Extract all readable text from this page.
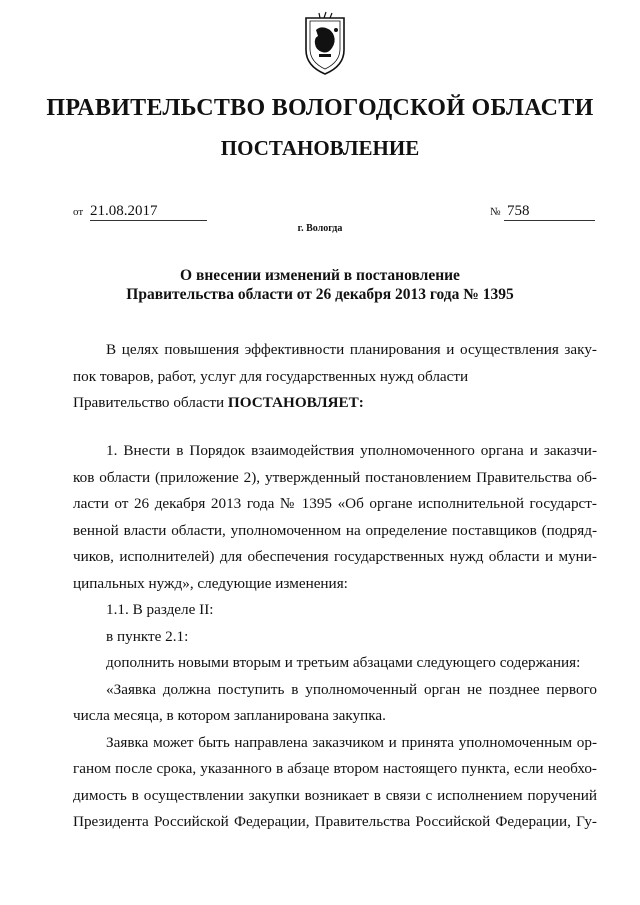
ПРАВИТЕЛЬСТВО ВОЛОГОДСКОЙ ОБЛАСТИ
ПОСТАНОВЛЕНИЕ
от 21.08.2017	№ 758
г. Вологда
О внесении изменений в постановление
Правительства области от 26 декабря 2013 года № 1395
В целях повышения эффективности планирования и осуществления заку-
пок товаров, работ, услуг для государственных нужд области
Правительство области ПОСТАНОВЛЯЕТ:
1. Внести в Порядок взаимодействия уполномоченного органа и заказчи-
ков области (приложение 2), утвержденный постановлением Правительства об-
ласти от 26 декабря 2013 года № 1395 «Об органе исполнительной государст-
венной власти области, уполномоченном на определение поставщиков (подряд-
чиков, исполнителей) для обеспечения государственных нужд области и муни-
ципальных нужд», следующие изменения:
1.1. В разделе II:
в пункте 2.1:
дополнить новыми вторым и третьим абзацами следующего содержания:
«Заявка должна поступить в уполномоченный орган не позднее первого
числа месяца, в котором запланирована закупка.
Заявка может быть направлена заказчиком и принята уполномоченным ор-
ганом после срока, указанного в абзаце втором настоящего пункта, если необхо-
димость в осуществлении закупки возникает в связи с исполнением поручений
Президента Российской Федерации, Правительства Российской Федерации, Гу-
